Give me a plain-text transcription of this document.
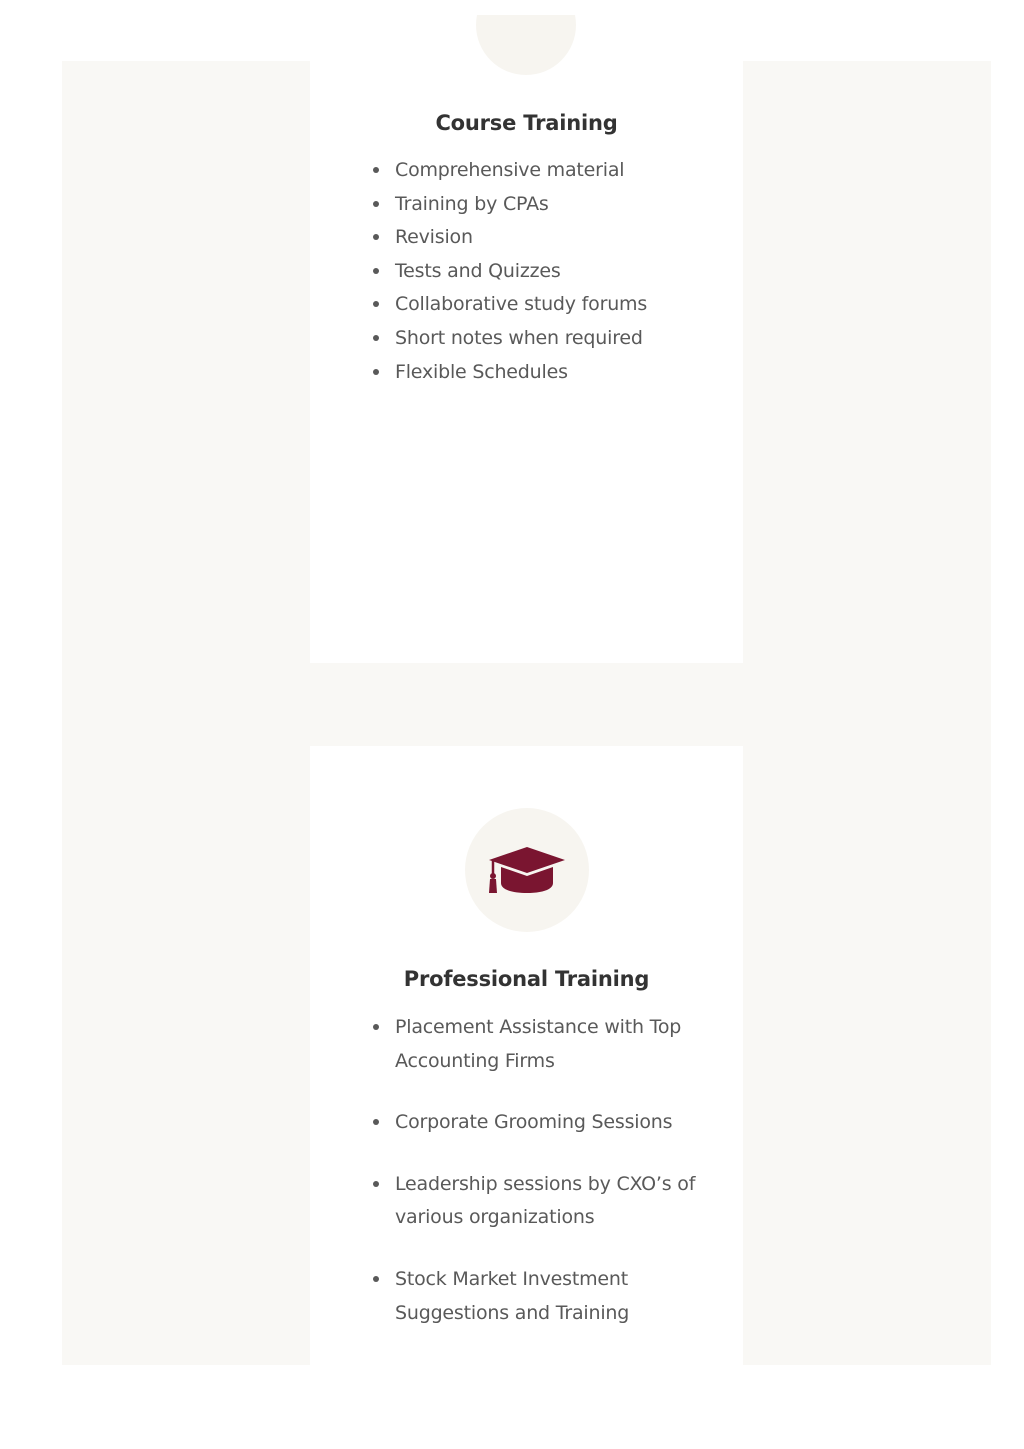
Course Training
Comprehensive material
Training by CPAs
Revision
Tests and Quizzes
Collaborative study forums
Short notes when required
Flexible Schedules
Professional Training
Placement Assistance with Top Accounting Firms
Corporate Grooming Sessions
Leadership sessions by CXO’s of various organizations
Stock Market Investment Suggestions and Training
